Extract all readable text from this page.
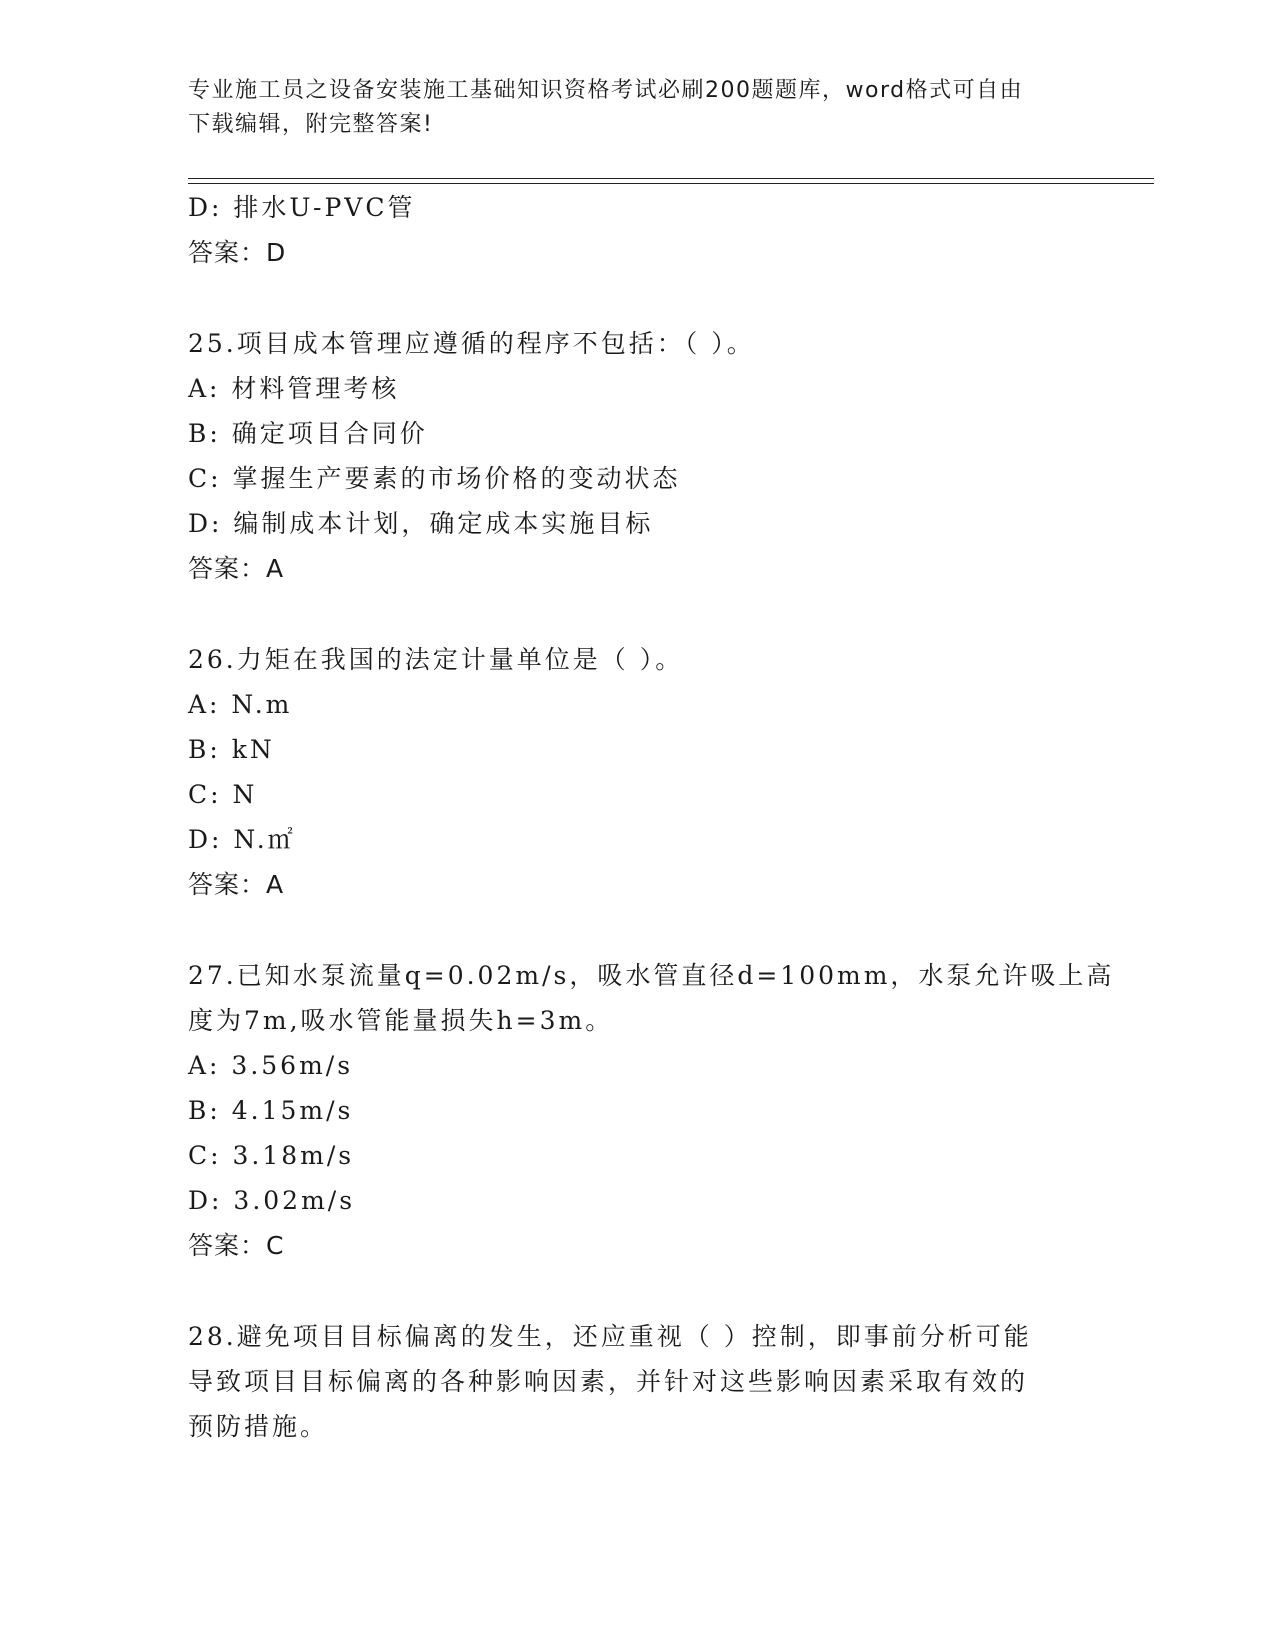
专业施工员之设备安装施工基础知识资格考试必刷200题题库，word格式可自由
下载编辑，附完整答案!
D: 排水U-PVC管
答案：D
25.项目成本管理应遵循的程序不包括：（ ）。
A: 材料管理考核
B: 确定项目合同价
C: 掌握生产要素的市场价格的变动状态
D: 编制成本计划，确定成本实施目标
答案：A
26.力矩在我国的法定计量单位是（ ）。
A: N.m
B: kN
C: N
D: N.㎡
答案：A
27.已知水泵流量q=0.02m/s，吸水管直径d=100mm，水泵允许吸上高
度为7m,吸水管能量损失h=3m。
A: 3.56m/s
B: 4.15m/s
C: 3.18m/s
D: 3.02m/s
答案：C
28.避免项目目标偏离的发生，还应重视（ ）控制，即事前分析可能
导致项目目标偏离的各种影响因素，并针对这些影响因素采取有效的
预防措施。
